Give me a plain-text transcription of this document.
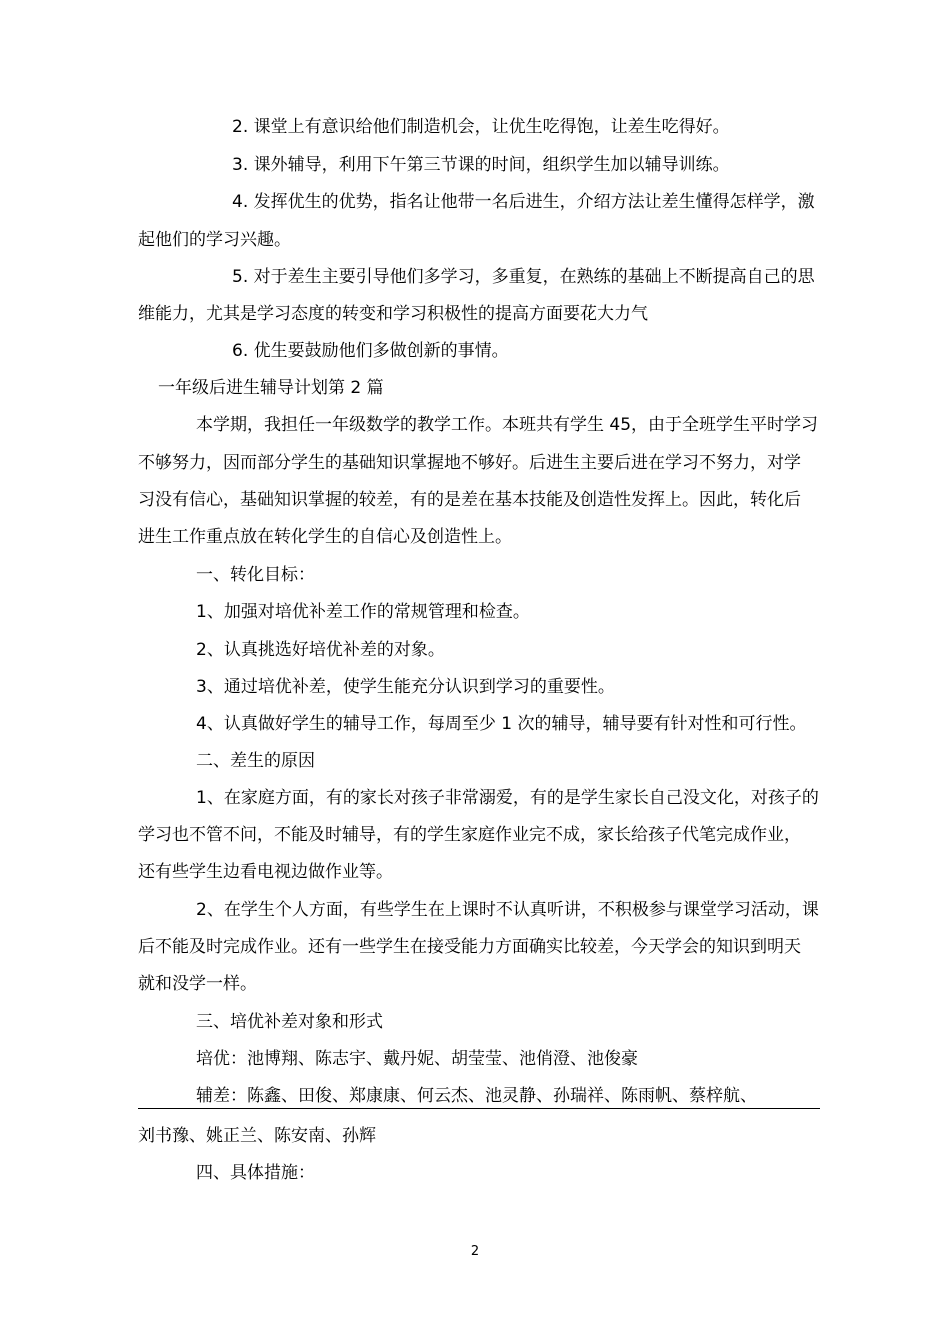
2. 课堂上有意识给他们制造机会，让优生吃得饱，让差生吃得好。
3. 课外辅导，利用下午第三节课的时间，组织学生加以辅导训练。
4. 发挥优生的优势，指名让他带一名后进生，介绍方法让差生懂得怎样学，激
起他们的学习兴趣。
5. 对于差生主要引导他们多学习，多重复，在熟练的基础上不断提高自己的思
维能力，尤其是学习态度的转变和学习积极性的提高方面要花大力气
6. 优生要鼓励他们多做创新的事情。
一年级后进生辅导计划第 2 篇
本学期，我担任一年级数学的教学工作。本班共有学生 45，由于全班学生平时学习
不够努力，因而部分学生的基础知识掌握地不够好。后进生主要后进在学习不努力，对学
习没有信心，基础知识掌握的较差，有的是差在基本技能及创造性发挥上。因此，转化后
进生工作重点放在转化学生的自信心及创造性上。
一、转化目标：
1、加强对培优补差工作的常规管理和检查。
2、认真挑选好培优补差的对象。
3、通过培优补差，使学生能充分认识到学习的重要性。
4、认真做好学生的辅导工作，每周至少 1 次的辅导，辅导要有针对性和可行性。
二、差生的原因
1、在家庭方面，有的家长对孩子非常溺爱，有的是学生家长自己没文化，对孩子的
学习也不管不问，不能及时辅导，有的学生家庭作业完不成，家长给孩子代笔完成作业，
还有些学生边看电视边做作业等。
2、在学生个人方面，有些学生在上课时不认真听讲，不积极参与课堂学习活动，课
后不能及时完成作业。还有一些学生在接受能力方面确实比较差，今天学会的知识到明天
就和没学一样。
三、培优补差对象和形式
培优：池博翔、陈志宇、戴丹妮、胡莹莹、池俏澄、池俊豪
辅差：陈鑫、田俊、郑康康、何云杰、池灵静、孙瑞祥、陈雨帆、蔡梓航、
刘书豫、姚正兰、陈安南、孙辉
四、具体措施：
2
